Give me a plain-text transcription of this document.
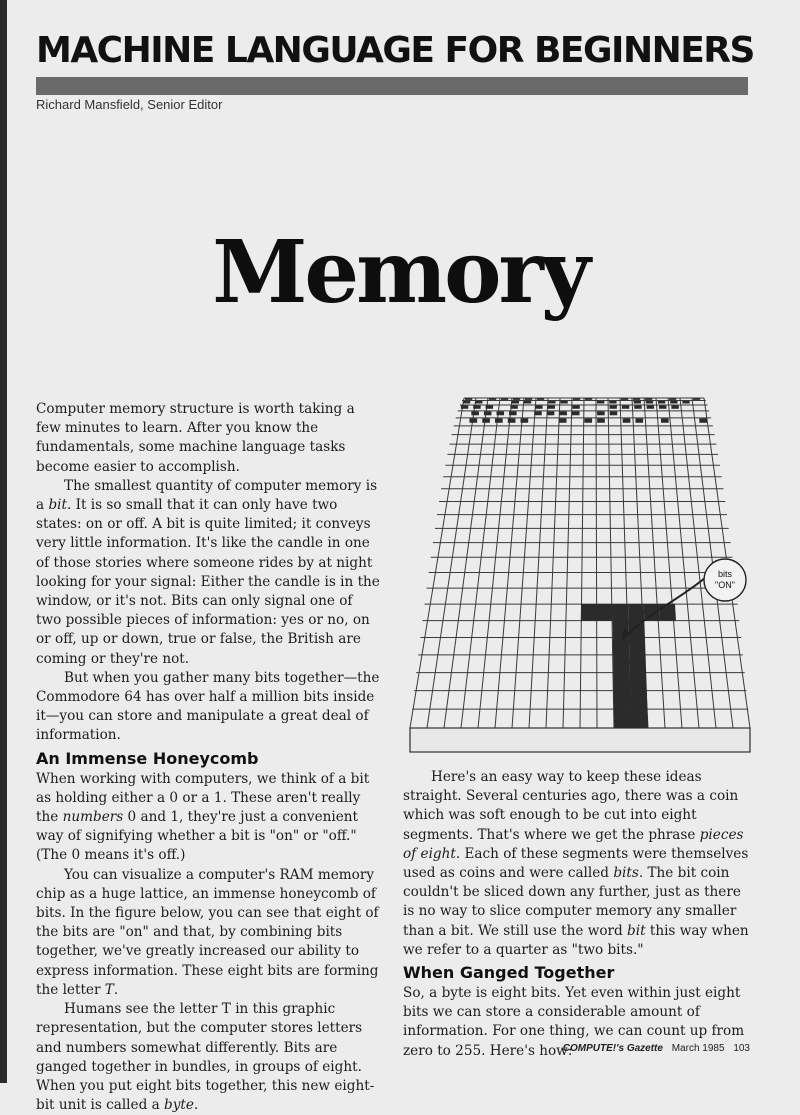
MACHINE LANGUAGE FOR BEGINNERS
Richard Mansfield, Senior Editor
Memory

Computer memory structure is worth taking a few minutes to learn. After you know the fundamentals, some machine language tasks become easier to accomplish.

The smallest quantity of computer memory is a bit. It is so small that it can only have two states: on or off. A bit is quite limited; it conveys very little information. It's like the candle in one of those stories where someone rides by at night looking for your signal: Either the candle is in the window, or it's not. Bits can only signal one of two possible pieces of information: yes or no, on or off, up or down, true or false, the British are coming or they're not.

But when you gather many bits together—the Commodore 64 has over half a million bits inside it—you can store and manipulate a great deal of information.

An Immense Honeycomb

When working with computers, we think of a bit as holding either a 0 or a 1. These aren't really the numbers 0 and 1, they're just a convenient way of signifying whether a bit is "on" or "off." (The 0 means it's off.)

You can visualize a computer's RAM memory chip as a huge lattice, an immense honeycomb of bits. In the figure below, you can see that eight of the bits are "on" and that, by combining bits together, we've greatly increased our ability to express information. These eight bits are forming the letter T.

Humans see the letter T in this graphic representation, but the computer stores letters and numbers somewhat differently. Bits are ganged together in bundles, in groups of eight. When you put eight bits together, this new eight-bit unit is called a byte.

bits
"ON"

Here's an easy way to keep these ideas straight. Several centuries ago, there was a coin which was soft enough to be cut into eight segments. That's where we get the phrase pieces of eight. Each of these segments were themselves used as coins and were called bits. The bit coin couldn't be sliced down any further, just as there is no way to slice computer memory any smaller than a bit. We still use the word bit this way when we refer to a quarter as "two bits."

When Ganged Together

So, a byte is eight bits. Yet even within just eight bits we can store a considerable amount of information. For one thing, we can count up from zero to 255. Here's how:

COMPUTE!'s Gazette March 1985 103
